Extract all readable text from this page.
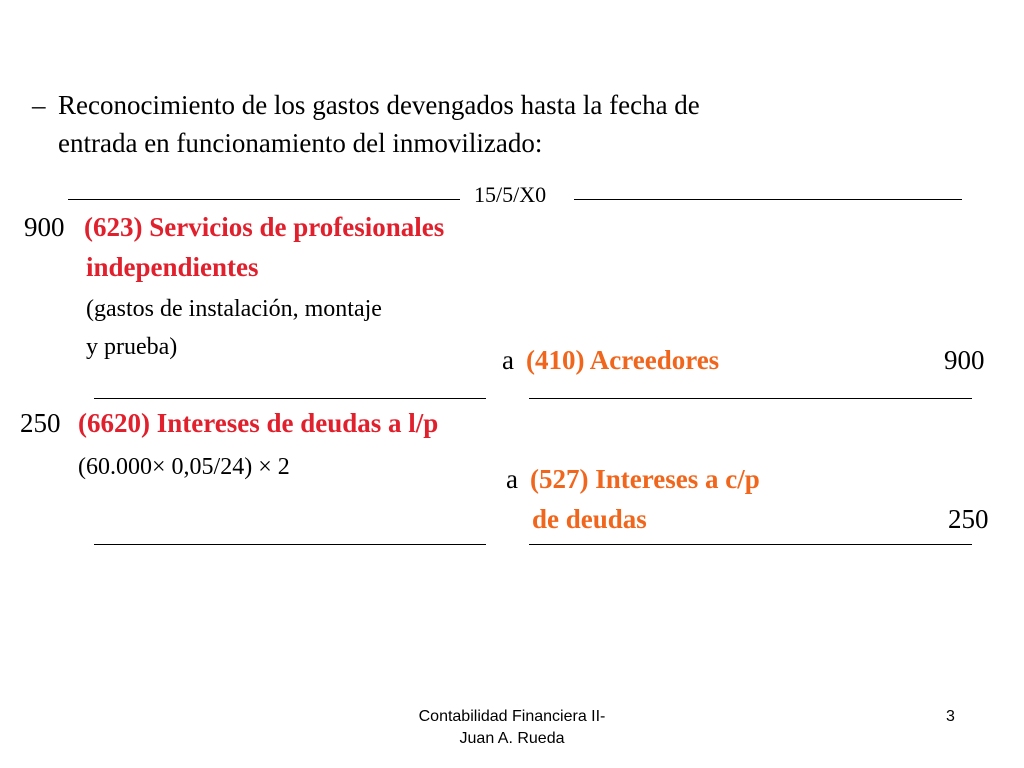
– Reconocimiento de los gastos devengados hasta la fecha de
entrada en funcionamiento del inmovilizado:
15/5/X0
900 (623) Servicios de profesionales
independientes
(gastos de instalación, montaje
y prueba)	a (410) Acreedores	900
250 (6620) Intereses de deudas a l/p
(60.000× 0,05/24) × 2	a (527) Intereses a c/p
de deudas	250
Contabilidad Financiera II-
Juan A. Rueda
3
